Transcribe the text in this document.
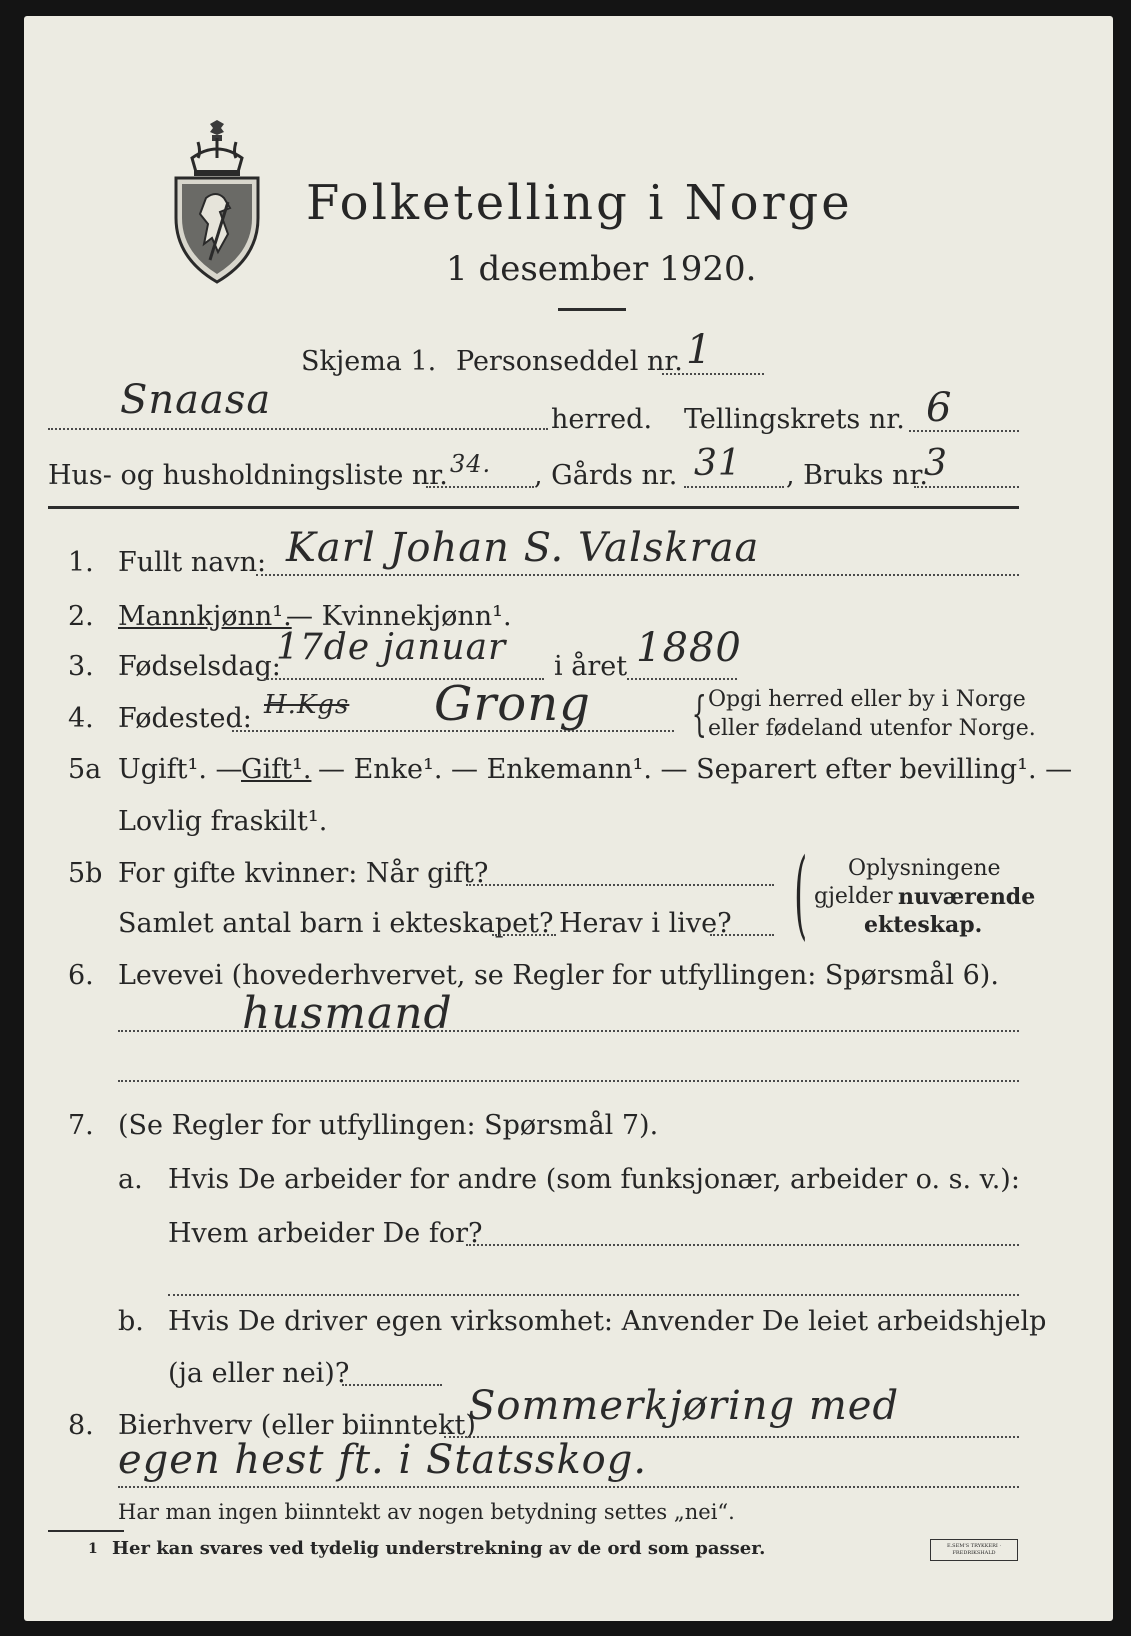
Folketelling i Norge
1 desember 1920.
Skjema 1. Personseddel nr. 1
Snaasa	herred. Tellingskrets nr. 6
Hus- og husholdningsliste nr. 34. , Gårds nr. 31 , Bruks nr.
3
1. Fullt navn: Karl Johan S. Valskraa
2. Mannkjønn¹.
— Kvinnekjønn¹.
3. Fødselsdag:
17de januar i året 1880
4. Fødested: H.Kgs Grong { Opgi herred eller by i Norge
eller fødeland utenfor Norge.
5a Ugift¹. —
Gift¹. — Enke¹. — Enkemann¹. — Separert efter bevilling¹. —
Lovlig fraskilt¹.
5b For gifte kvinner: Når gift?
Samlet antal barn i ekteskapet? Herav i live? ( Oplysningene
gjelder nuværende
ekteskap.
6. Levevei (hovederhvervet, se Regler for utfyllingen: Spørsmål 6).
husmand
7. (Se Regler for utfyllingen: Spørsmål 7).
a. Hvis De arbeider for andre (som funksjonær, arbeider o. s. v.):
Hvem arbeider De for?
b. Hvis De driver egen virksomhet: Anvender De leiet arbeidshjelp
(ja eller nei)?
8. Bierhverv (eller biinntekt)
Sommerkjøring med
egen hest ft. i Statsskog.
Har man ingen biinntekt av nogen betydning settes „nei“.
1 Her kan svares ved tydelig understrekning av de ord som passer.	E.SEM'S TRYKKERI · FREDRIKSHALD
